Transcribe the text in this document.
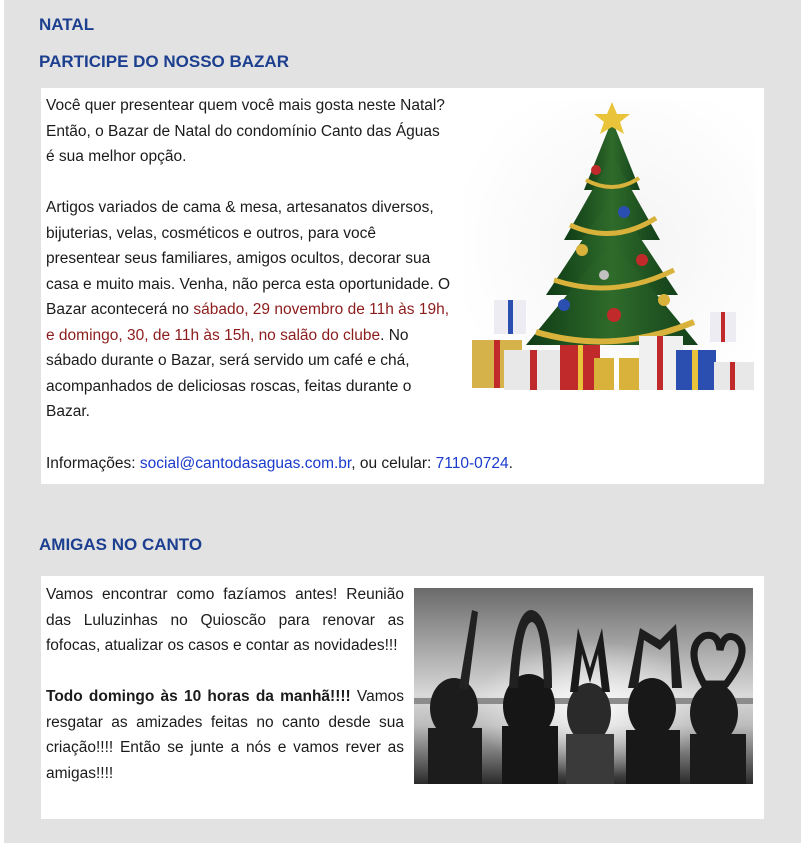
NATAL
PARTICIPE DO NOSSO BAZAR

Você quer presentear quem você mais gosta neste Natal? Então, o Bazar de Natal do condomínio Canto das Águas é sua melhor opção.

Artigos variados de cama & mesa, artesanatos diversos, bijuterias, velas, cosméticos e outros, para você presentear seus familiares, amigos ocultos, decorar sua casa e muito mais. Venha, não perca esta oportunidade. O Bazar acontecerá no sábado, 29 novembro de 11h às 19h, e domingo, 30, de 11h às 15h, no salão do clube. No sábado durante o Bazar, será servido um café e chá, acompanhados de deliciosas roscas, feitas durante o Bazar.

Informações: social@cantodasaguas.com.br, ou celular: 7110-0724.
AMIGAS NO CANTO

Vamos encontrar como fazíamos antes! Reunião das Luluzinhas no Quioscão para renovar as fofocas, atualizar os casos e contar as novidades!!!

Todo domingo às 10 horas da manhã!!!! Vamos resgatar as amizades feitas no canto desde sua criação!!!! Então se junte a nós e vamos rever as amigas!!!!
